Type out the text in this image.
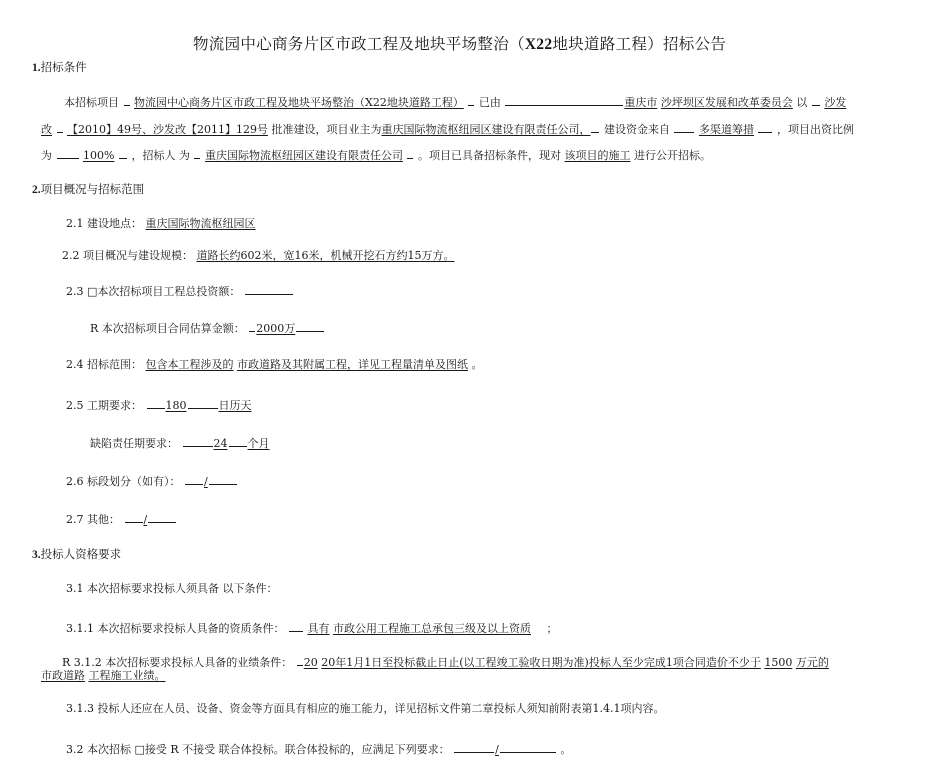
物流园中心商务片区市政工程及地块平场整治（X22地块道路工程）招标公告
1.招标条件
本招标项目 物流园中心商务片区市政工程及地块平场整治（X22地块道路工程） 已由	重庆市 沙坪坝区发展和改革委员会 以 沙发
改 【2010】49号、沙发改【2011】129号 批准建设，项目业主为重庆国际物流枢纽园区建设有限责任公司， 建设资金来自	多渠道筹措 ，项目出资比例
为	100% ，招标人 为 重庆国际物流枢纽园区建设有限责任公司 。项目已具备招标条件，现对 该项目的施工 进行公开招标。
2.项目概况与招标范围
2.1 建设地点： 重庆国际物流枢纽园区
2.2 项目概况与建设规模： 道路长约602米，宽16米，机械开挖石方约15万方。
2.3 □本次招标项目工程总投资额：
R 本次招标项目合同估算金额： 2000万
2.4 招标范围： 包含本工程涉及的 市政道路及其附属工程，详见工程量清单及图纸 。
2.5 工期要求： 180	日历天
缺陷责任期要求：	24 个月
2.6 标段划分（如有）： /
2.7 其他： /
3.投标人资格要求
3.1 本次招标要求投标人须具备 以下条件：
3.1.1 本次招标要求投标人具备的资质条件： 具有 市政公用工程施工总承包三级及以上资质 ；
R 3.1.2 本次招标要求投标人具备的业绩条件： 20 20年1月1日至投标截止日止(以工程竣工验收日期为准)投标人至少完成1项合同造价不少于 1500 万元的
市政道路 工程施工业绩。
3.1.3 投标人还应在人员、设备、资金等方面具有相应的施工能力，详见招标文件第二章投标人须知前附表第1.4.1项内容。
3.2 本次招标 □接受 R 不接受 联合体投标。联合体投标的，应满足下列要求：	/	。
